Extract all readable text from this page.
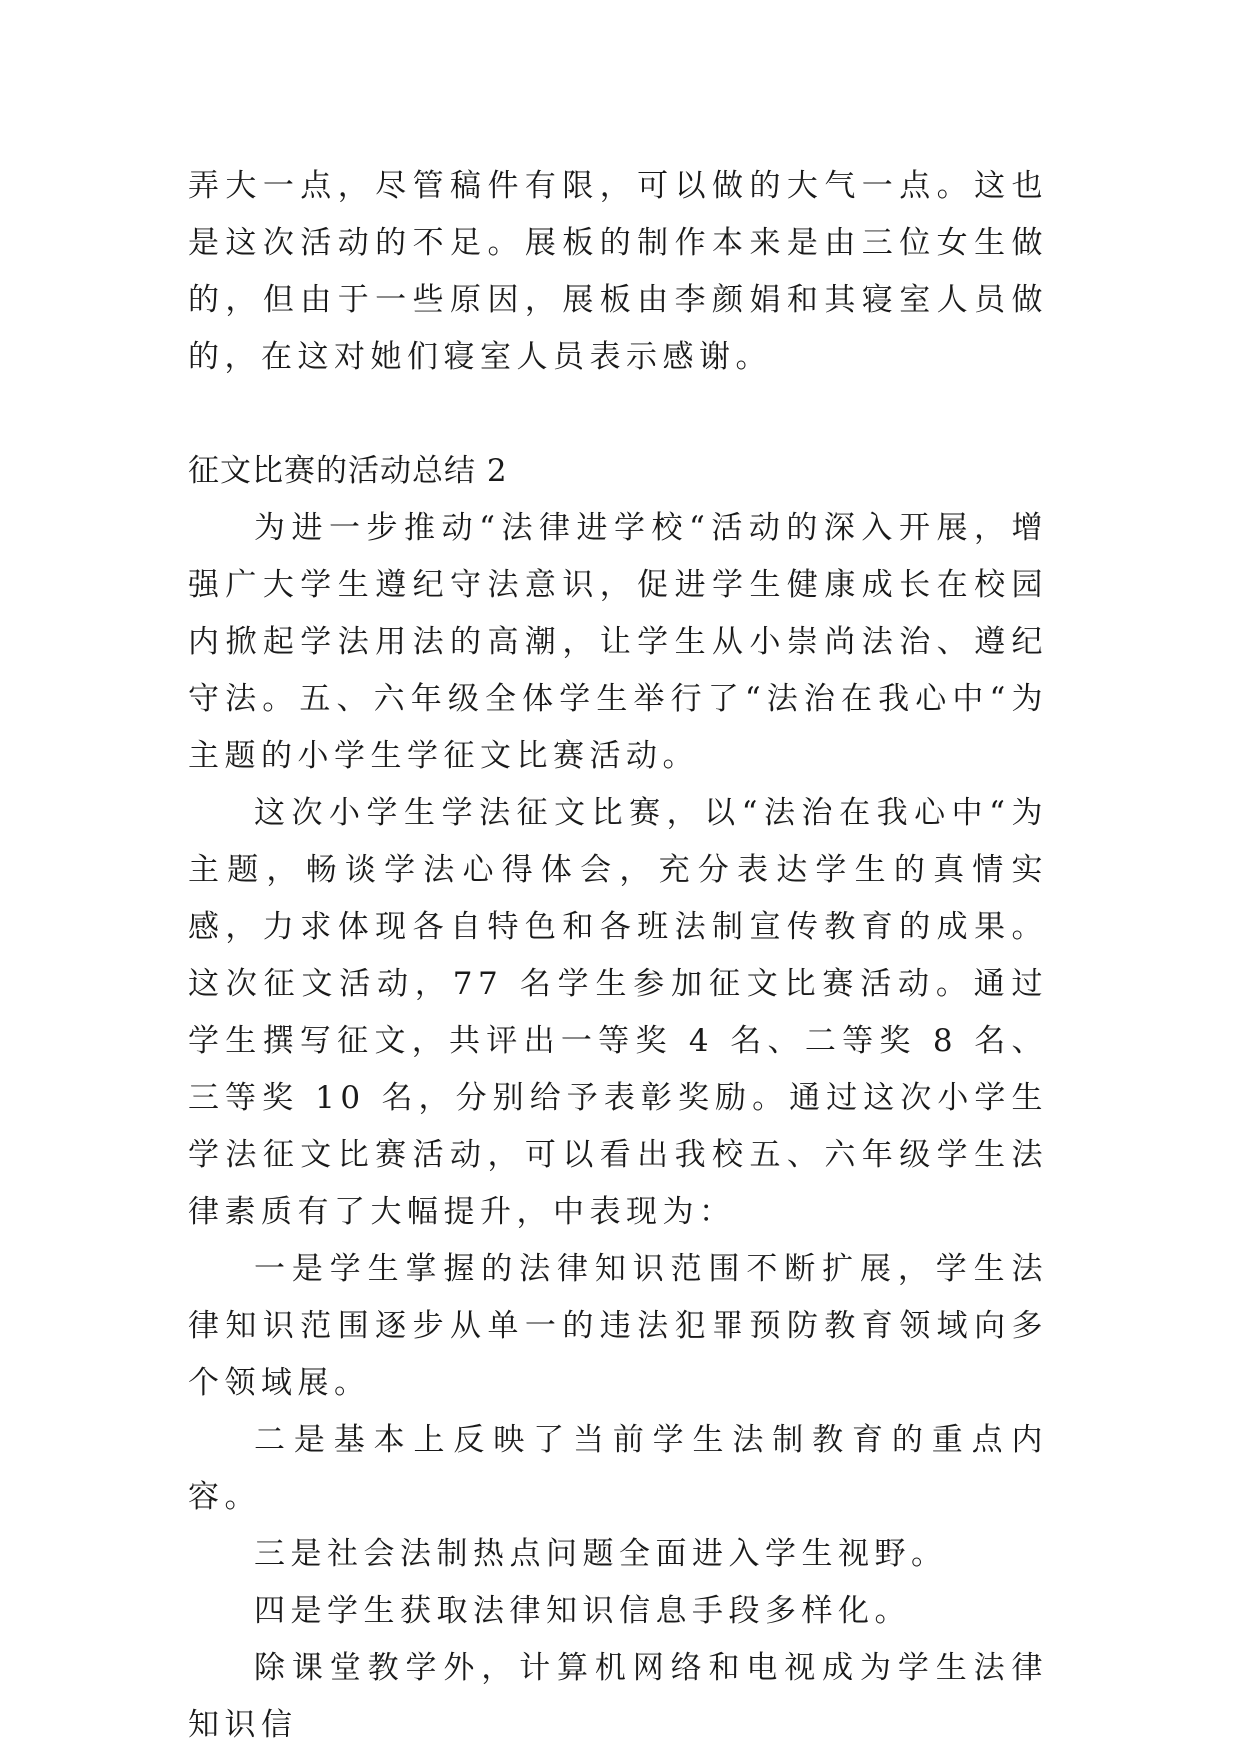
弄大一点，尽管稿件有限，可以做的大气一点。这也是这次活动的不足。展板的制作本来是由三位女生做的，但由于一些原因，展板由李颜娟和其寝室人员做的，在这对她们寝室人员表示感谢。

征文比赛的活动总结 2

为进一步推动“法律进学校“活动的深入开展，增强广大学生遵纪守法意识，促进学生健康成长在校园内掀起学法用法的高潮，让学生从小崇尚法治、遵纪守法。五、六年级全体学生举行了“法治在我心中“为主题的小学生学征文比赛活动。

这次小学生学法征文比赛，以“法治在我心中“为主题，畅谈学法心得体会，充分表达学生的真情实感，力求体现各自特色和各班法制宣传教育的成果。这次征文活动，77 名学生参加征文比赛活动。通过学生撰写征文，共评出一等奖 4 名、二等奖 8 名、三等奖 10 名，分别给予表彰奖励。通过这次小学生学法征文比赛活动，可以看出我校五、六年级学生法律素质有了大幅提升，中表现为：

一是学生掌握的法律知识范围不断扩展，学生法律知识范围逐步从单一的违法犯罪预防教育领域向多个领域展。

二是基本上反映了当前学生法制教育的重点内容。

三是社会法制热点问题全面进入学生视野。

四是学生获取法律知识信息手段多样化。

除课堂教学外，计算机网络和电视成为学生法律知识信
